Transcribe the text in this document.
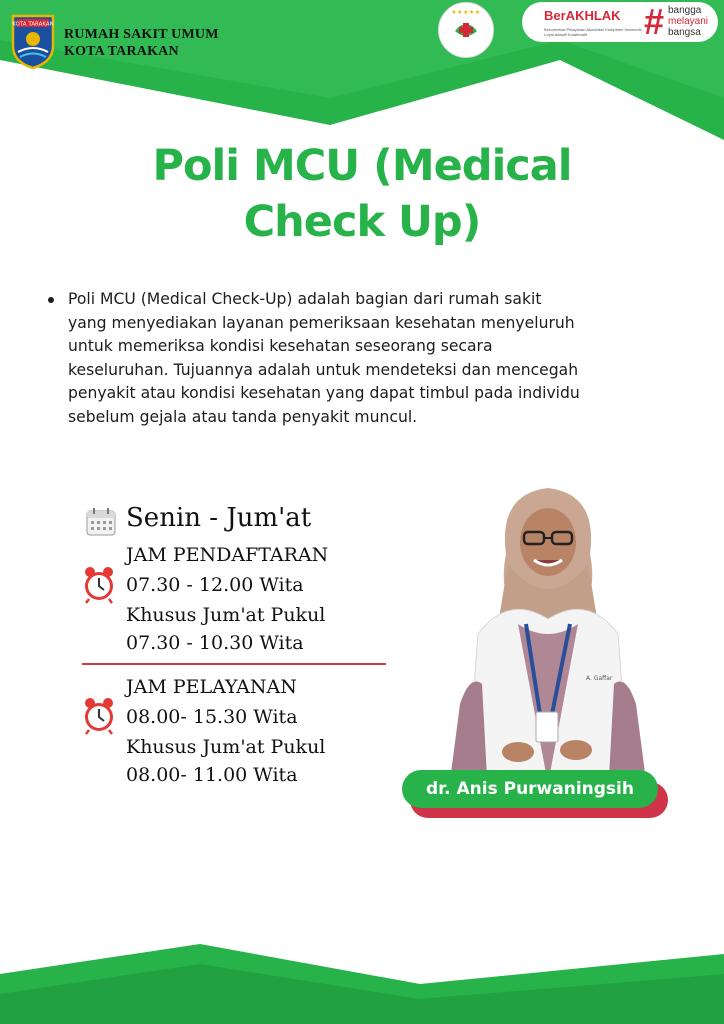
KOTA TARAKAN
RUMAH SAKIT UMUM
KOTA TARAKAN
★★★★★	BerAKHLAK
Berorientasi Pelayanan Akuntabel Kompeten Harmonis Loyal Adaptif Kolaboratif	# bangga
melayani
bangsa
Poli MCU (Medical
Check Up)
Poli MCU (Medical Check-Up) adalah bagian dari rumah sakit
yang menyediakan layanan pemeriksaan kesehatan menyeluruh
untuk memeriksa kondisi kesehatan seseorang secara
keseluruhan. Tujuannya adalah untuk mendeteksi dan mencegah
penyakit atau kondisi kesehatan yang dapat timbul pada individu
sebelum gejala atau tanda penyakit muncul.
Senin - Jum'at
JAM PENDAFTARAN
07.30 - 12.00 Wita
Khusus Jum'at Pukul
07.30 - 10.30 Wita
JAM PELAYANAN
08.00- 15.30 Wita
Khusus Jum'at Pukul
08.00- 11.00 Wita
A. Gaffar
dr. Anis Purwaningsih
